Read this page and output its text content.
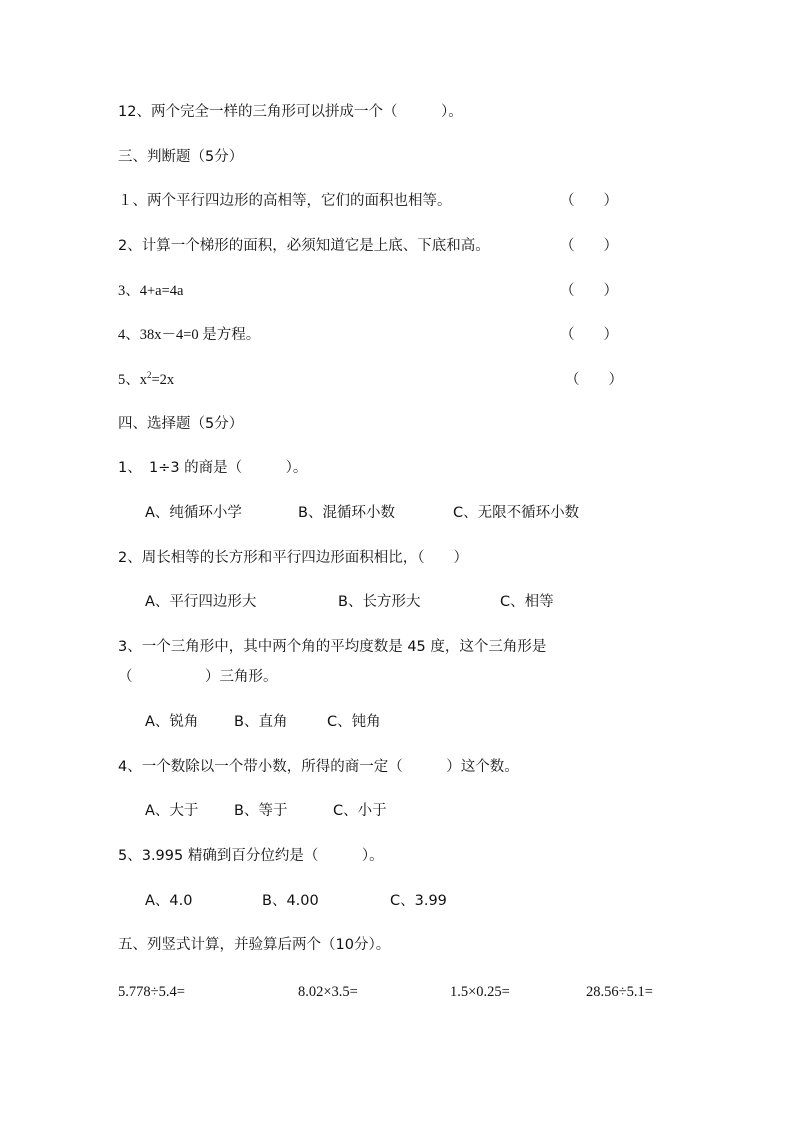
12、两个完全一样的三角形可以拼成一个（　　　）。
三、判断题（5分）
１、两个平行四边形的高相等，它们的面积也相等。	（　　）
2、计算一个梯形的面积，必须知道它是上底、下底和高。	（　　）
3、4+a=4a	（　　）
4、38x－4=0 是方程。	（　　）
5、$x^2=2x$	（　　）
四、选择题（5分）
1、　1÷3 的商是（　　　）。
A、纯循环小学	B、混循环小数	C、无限不循环小数
2、周长相等的长方形和平行四边形面积相比，（　　）
A、平行四边形大	B、长方形大	C、相等
3、一个三角形中，其中两个角的平均度数是 45 度，这个三角形是
（　　　　　）三角形。
A、锐角 B、直角	C、钝角
4、一个数除以一个带小数，所得的商一定（　　　）这个数。
A、大于 B、等于	C、小于
5、3.995 精确到百分位约是（　　　）。
A、4.0	B、4.00	C、3.99
五、列竖式计算，并验算后两个（10分）。
5.778÷5.4=	8.02×3.5=	1.5×0.25=	28.56÷5.1=
